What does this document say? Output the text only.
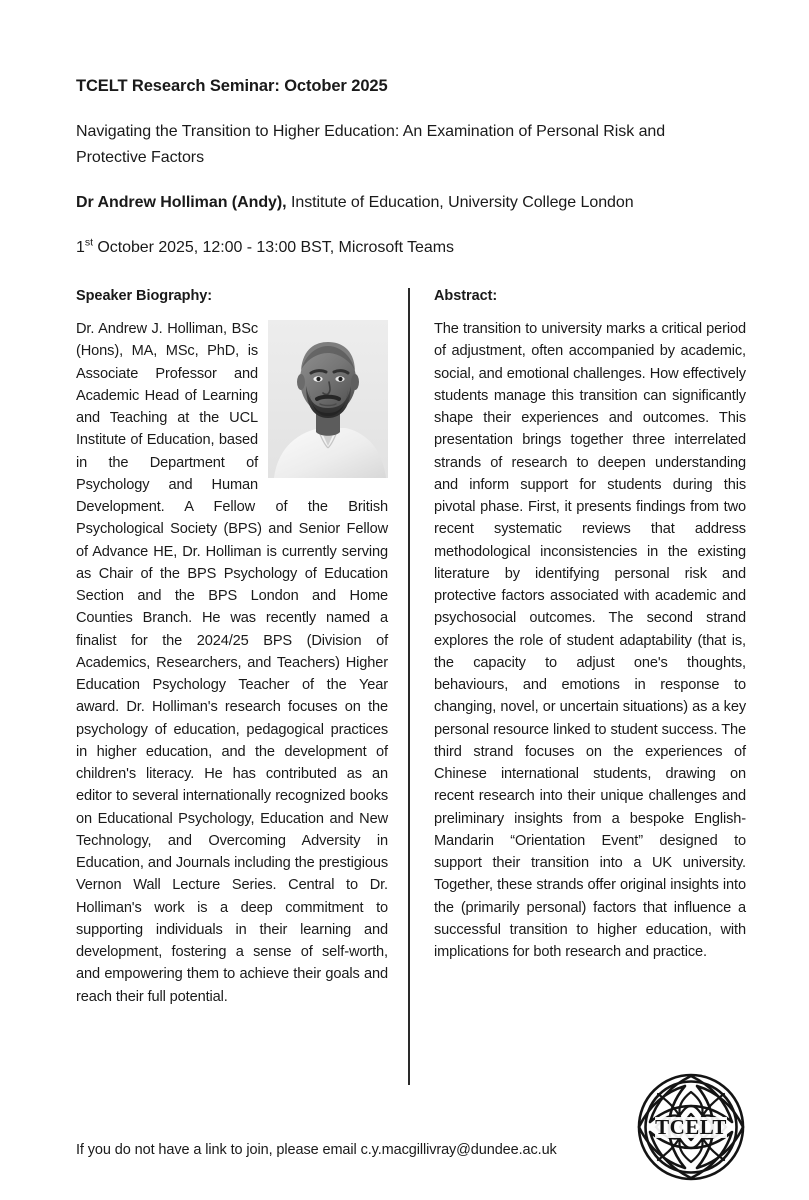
TCELT Research Seminar: October 2025

Navigating the Transition to Higher Education: An Examination of Personal Risk and Protective Factors

Dr Andrew Holliman (Andy), Institute of Education, University College London

1st October 2025, 12:00 - 13:00 BST, Microsoft Teams

Speaker Biography:

Dr. Andrew J. Holliman, BSc (Hons), MA, MSc, PhD, is Associate Professor and Academic Head of Learning and Teaching at the UCL Institute of Education, based in the Department of Psychology and Human Development. A Fellow of the British Psychological Society (BPS) and Senior Fellow of Advance HE, Dr. Holliman is currently serving as Chair of the BPS Psychology of Education Section and the BPS London and Home Counties Branch. He was recently named a finalist for the 2024/25 BPS (Division of Academics, Researchers, and Teachers) Higher Education Psychology Teacher of the Year award. Dr. Holliman's research focuses on the psychology of education, pedagogical practices in higher education, and the development of children's literacy. He has contributed as an editor to several internationally recognized books on Educational Psychology, Education and New Technology, and Overcoming Adversity in Education, and Journals including the prestigious Vernon Wall Lecture Series. Central to Dr. Holliman's work is a deep commitment to supporting individuals in their learning and development, fostering a sense of self-worth, and empowering them to achieve their goals and reach their full potential.

Abstract:

The transition to university marks a critical period of adjustment, often accompanied by academic, social, and emotional challenges. How effectively students manage this transition can significantly shape their experiences and outcomes. This presentation brings together three interrelated strands of research to deepen understanding and inform support for students during this pivotal phase. First, it presents findings from two recent systematic reviews that address methodological inconsistencies in the existing literature by identifying personal risk and protective factors associated with academic and psychosocial outcomes. The second strand explores the role of student adaptability (that is, the capacity to adjust one's thoughts, behaviours, and emotions in response to changing, novel, or uncertain situations) as a key personal resource linked to student success. The third strand focuses on the experiences of Chinese international students, drawing on recent research into their unique challenges and preliminary insights from a bespoke English-Mandarin “Orientation Event” designed to support their transition into a UK university. Together, these strands offer original insights into the (primarily personal) factors that influence a successful transition to higher education, with implications for both research and practice.

If you do not have a link to join, please email c.y.macgillivray@dundee.ac.uk

TCELT
